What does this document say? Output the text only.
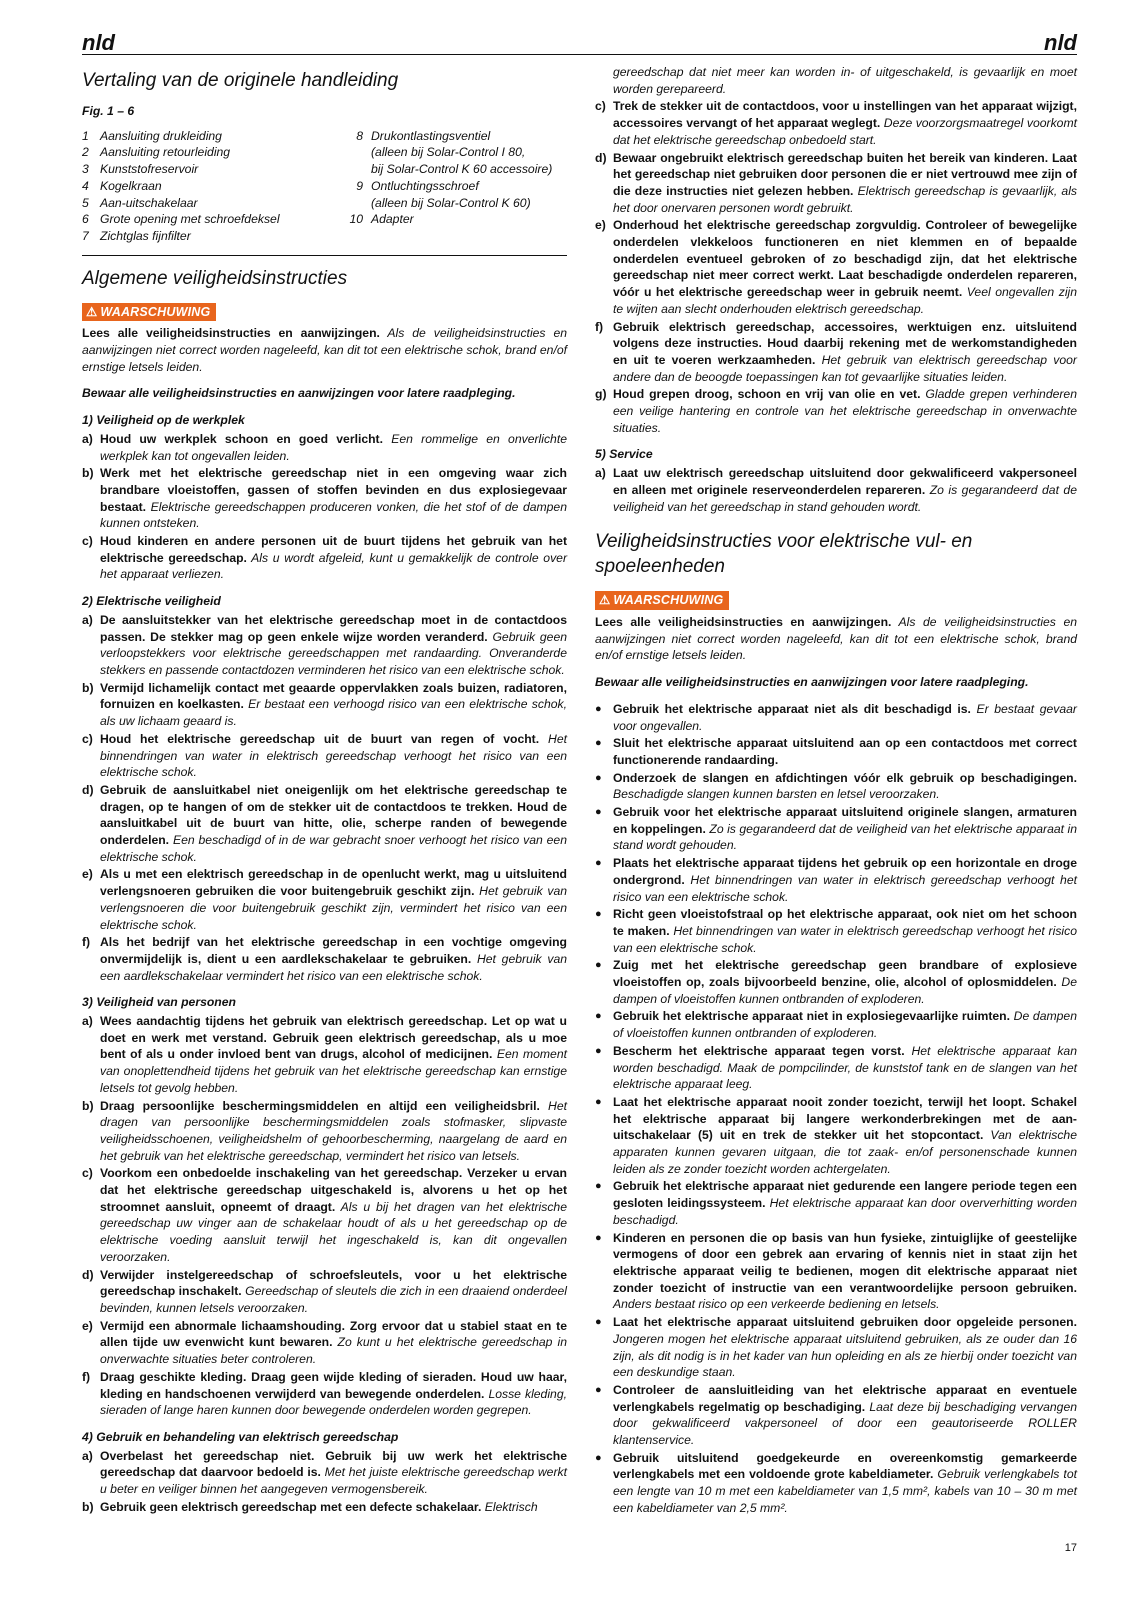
nld	nld
Vertaling van de originele handleiding
Fig. 1 – 6
1 Aansluiting drukleiding
2 Aansluiting retourleiding
3 Kunststofreservoir
4 Kogelkraan
5 Aan-uitschakelaar
6 Grote opening met schroefdeksel
7 Zichtglas fijnfilter
8 Drukontlastingsventiel
(alleen bij Solar-Control I 80,
bij Solar-Control K 60 accessoire)
9 Ontluchtingsschroef
(alleen bij Solar-Control K 60)
10 Adapter
Algemene veiligheidsinstructies
⚠ WAARSCHUWING

Lees alle veiligheidsinstructies en aanwijzingen. Als de veiligheidsinstructies en aanwijzingen niet correct worden nageleefd, kan dit tot een elektrische schok, brand en/of ernstige letsels leiden.

Bewaar alle veiligheidsinstructies en aanwijzingen voor latere raadpleging.

1) Veiligheid op de werkplek
a) Houd uw werkplek schoon en goed verlicht. Een rommelige en onverlichte werkplek kan tot ongevallen leiden.
b) Werk met het elektrische gereedschap niet in een omgeving waar zich brandbare vloeistoffen, gassen of stoffen bevinden en dus explosiegevaar bestaat. Elektrische gereedschappen produceren vonken, die het stof of de dampen kunnen ontsteken.
c) Houd kinderen en andere personen uit de buurt tijdens het gebruik van het elektrische gereedschap. Als u wordt afgeleid, kunt u gemakkelijk de controle over het apparaat verliezen.
2) Elektrische veiligheid
a) De aansluitstekker van het elektrische gereedschap moet in de contactdoos passen. De stekker mag op geen enkele wijze worden veranderd. Gebruik geen verloopstekkers voor elektrische gereedschappen met randaarding. Onveranderde stekkers en passende contactdozen verminderen het risico van een elektrische schok.
b) Vermijd lichamelijk contact met geaarde oppervlakken zoals buizen, radiatoren, fornuizen en koelkasten. Er bestaat een verhoogd risico van een elektrische schok, als uw lichaam geaard is.
c) Houd het elektrische gereedschap uit de buurt van regen of vocht. Het binnendringen van water in elektrisch gereedschap verhoogt het risico van een elektrische schok.
d) Gebruik de aansluitkabel niet oneigenlijk om het elektrische gereedschap te dragen, op te hangen of om de stekker uit de contactdoos te trekken. Houd de aansluitkabel uit de buurt van hitte, olie, scherpe randen of bewegende onderdelen. Een beschadigd of in de war gebracht snoer verhoogt het risico van een elektrische schok.
e) Als u met een elektrisch gereedschap in de openlucht werkt, mag u uitsluitend verlengsnoeren gebruiken die voor buitengebruik geschikt zijn. Het gebruik van verlengsnoeren die voor buitengebruik geschikt zijn, vermindert het risico van een elektrische schok.
f) Als het bedrijf van het elektrische gereedschap in een vochtige omgeving onvermijdelijk is, dient u een aardlekschakelaar te gebruiken. Het gebruik van een aardlekschakelaar vermindert het risico van een elektrische schok.
3) Veiligheid van personen
a) Wees aandachtig tijdens het gebruik van elektrisch gereedschap. Let op wat u doet en werk met verstand. Gebruik geen elektrisch gereedschap, als u moe bent of als u onder invloed bent van drugs, alcohol of medicijnen. Een moment van onoplettendheid tijdens het gebruik van het elektrische gereedschap kan ernstige letsels tot gevolg hebben.
b) Draag persoonlijke beschermingsmiddelen en altijd een veiligheidsbril. Het dragen van persoonlijke beschermingsmiddelen zoals stofmasker, slipvaste veiligheidsschoenen, veiligheidshelm of gehoorbescherming, naargelang de aard en het gebruik van het elektrische gereedschap, vermindert het risico van letsels.
c) Voorkom een onbedoelde inschakeling van het gereedschap. Verzeker u ervan dat het elektrische gereedschap uitgeschakeld is, alvorens u het op het stroomnet aansluit, opneemt of draagt. Als u bij het dragen van het elektrische gereedschap uw vinger aan de schakelaar houdt of als u het gereedschap op de elektrische voeding aansluit terwijl het ingeschakeld is, kan dit ongevallen veroorzaken.
d) Verwijder instelgereedschap of schroefsleutels, voor u het elektrische gereedschap inschakelt. Gereedschap of sleutels die zich in een draaiend onderdeel bevinden, kunnen letsels veroorzaken.
e) Vermijd een abnormale lichaamshouding. Zorg ervoor dat u stabiel staat en te allen tijde uw evenwicht kunt bewaren. Zo kunt u het elektrische gereedschap in onverwachte situaties beter controleren.
f) Draag geschikte kleding. Draag geen wijde kleding of sieraden. Houd uw haar, kleding en handschoenen verwijderd van bewegende onderdelen. Losse kleding, sieraden of lange haren kunnen door bewegende onderdelen worden gegrepen.
4) Gebruik en behandeling van elektrisch gereedschap
a) Overbelast het gereedschap niet. Gebruik bij uw werk het elektrische gereedschap dat daarvoor bedoeld is. Met het juiste elektrische gereedschap werkt u beter en veiliger binnen het aangegeven vermogensbereik.
b) Gebruik geen elektrisch gereedschap met een defecte schakelaar. Elektrisch
gereedschap dat niet meer kan worden in- of uitgeschakeld, is gevaarlijk en moet worden gerepareerd.
c) Trek de stekker uit de contactdoos, voor u instellingen van het apparaat wijzigt, accessoires vervangt of het apparaat weglegt. Deze voorzorgsmaatregel voorkomt dat het elektrische gereedschap onbedoeld start.
d) Bewaar ongebruikt elektrisch gereedschap buiten het bereik van kinderen. Laat het gereedschap niet gebruiken door personen die er niet vertrouwd mee zijn of die deze instructies niet gelezen hebben. Elektrisch gereedschap is gevaarlijk, als het door onervaren personen wordt gebruikt.
e) Onderhoud het elektrische gereedschap zorgvuldig. Controleer of bewegelijke onderdelen vlekkeloos functioneren en niet klemmen en of bepaalde onderdelen eventueel gebroken of zo beschadigd zijn, dat het elektrische gereedschap niet meer correct werkt. Laat beschadigde onderdelen repareren, vóór u het elektrische gereedschap weer in gebruik neemt. Veel ongevallen zijn te wijten aan slecht onderhouden elektrisch gereedschap.
f) Gebruik elektrisch gereedschap, accessoires, werktuigen enz. uitsluitend volgens deze instructies. Houd daarbij rekening met de werkomstandigheden en uit te voeren werkzaamheden. Het gebruik van elektrisch gereedschap voor andere dan de beoogde toepassingen kan tot gevaarlijke situaties leiden.
g) Houd grepen droog, schoon en vrij van olie en vet. Gladde grepen verhinderen een veilige hantering en controle van het elektrische gereedschap in onverwachte situaties.
5) Service
a) Laat uw elektrisch gereedschap uitsluitend door gekwalificeerd vakpersoneel en alleen met originele reserveonderdelen repareren. Zo is gegarandeerd dat de veiligheid van het gereedschap in stand gehouden wordt.
Veiligheidsinstructies voor elektrische vul- en spoeleenheden
⚠ WAARSCHUWING

Lees alle veiligheidsinstructies en aanwijzingen. Als de veiligheidsinstructies en aanwijzingen niet correct worden nageleefd, kan dit tot een elektrische schok, brand en/of ernstige letsels leiden.

Bewaar alle veiligheidsinstructies en aanwijzingen voor latere raadpleging.

● Gebruik het elektrische apparaat niet als dit beschadigd is. Er bestaat gevaar voor ongevallen.
● Sluit het elektrische apparaat uitsluitend aan op een contactdoos met correct functionerende randaarding.
● Onderzoek de slangen en afdichtingen vóór elk gebruik op beschadigingen. Beschadigde slangen kunnen barsten en letsel veroorzaken.
● Gebruik voor het elektrische apparaat uitsluitend originele slangen, armaturen en koppelingen. Zo is gegarandeerd dat de veiligheid van het elektrische apparaat in stand wordt gehouden.
● Plaats het elektrische apparaat tijdens het gebruik op een horizontale en droge ondergrond. Het binnendringen van water in elektrisch gereedschap verhoogt het risico van een elektrische schok.
● Richt geen vloeistofstraal op het elektrische apparaat, ook niet om het schoon te maken. Het binnendringen van water in elektrisch gereedschap verhoogt het risico van een elektrische schok.
● Zuig met het elektrische gereedschap geen brandbare of explosieve vloeistoffen op, zoals bijvoorbeeld benzine, olie, alcohol of oplosmiddelen. De dampen of vloeistoffen kunnen ontbranden of exploderen.
● Gebruik het elektrische apparaat niet in explosiegevaarlijke ruimten. De dampen of vloeistoffen kunnen ontbranden of exploderen.
● Bescherm het elektrische apparaat tegen vorst. Het elektrische apparaat kan worden beschadigd. Maak de pompcilinder, de kunststof tank en de slangen van het elektrische apparaat leeg.
● Laat het elektrische apparaat nooit zonder toezicht, terwijl het loopt. Schakel het elektrische apparaat bij langere werkonderbrekingen met de aan-uitschakelaar (5) uit en trek de stekker uit het stopcontact. Van elektrische apparaten kunnen gevaren uitgaan, die tot zaak- en/of personenschade kunnen leiden als ze zonder toezicht worden achtergelaten.
● Gebruik het elektrische apparaat niet gedurende een langere periode tegen een gesloten leidingssysteem. Het elektrische apparaat kan door oververhitting worden beschadigd.
● Kinderen en personen die op basis van hun fysieke, zintuiglijke of geestelijke vermogens of door een gebrek aan ervaring of kennis niet in staat zijn het elektrische apparaat veilig te bedienen, mogen dit elektrische apparaat niet zonder toezicht of instructie van een verantwoordelijke persoon gebruiken. Anders bestaat risico op een verkeerde bediening en letsels.
● Laat het elektrische apparaat uitsluitend gebruiken door opgeleide personen. Jongeren mogen het elektrische apparaat uitsluitend gebruiken, als ze ouder dan 16 zijn, als dit nodig is in het kader van hun opleiding en als ze hierbij onder toezicht van een deskundige staan.
● Controleer de aansluitleiding van het elektrische apparaat en eventuele verlengkabels regelmatig op beschadiging. Laat deze bij beschadiging vervangen door gekwalificeerd vakpersoneel of door een geautoriseerde ROLLER klantenservice.
● Gebruik uitsluitend goedgekeurde en overeenkomstig gemarkeerde verlengkabels met een voldoende grote kabeldiameter. Gebruik verlengkabels tot een lengte van 10 m met een kabeldiameter van 1,5 mm², kabels van 10 – 30 m met een kabeldiameter van 2,5 mm².
17
